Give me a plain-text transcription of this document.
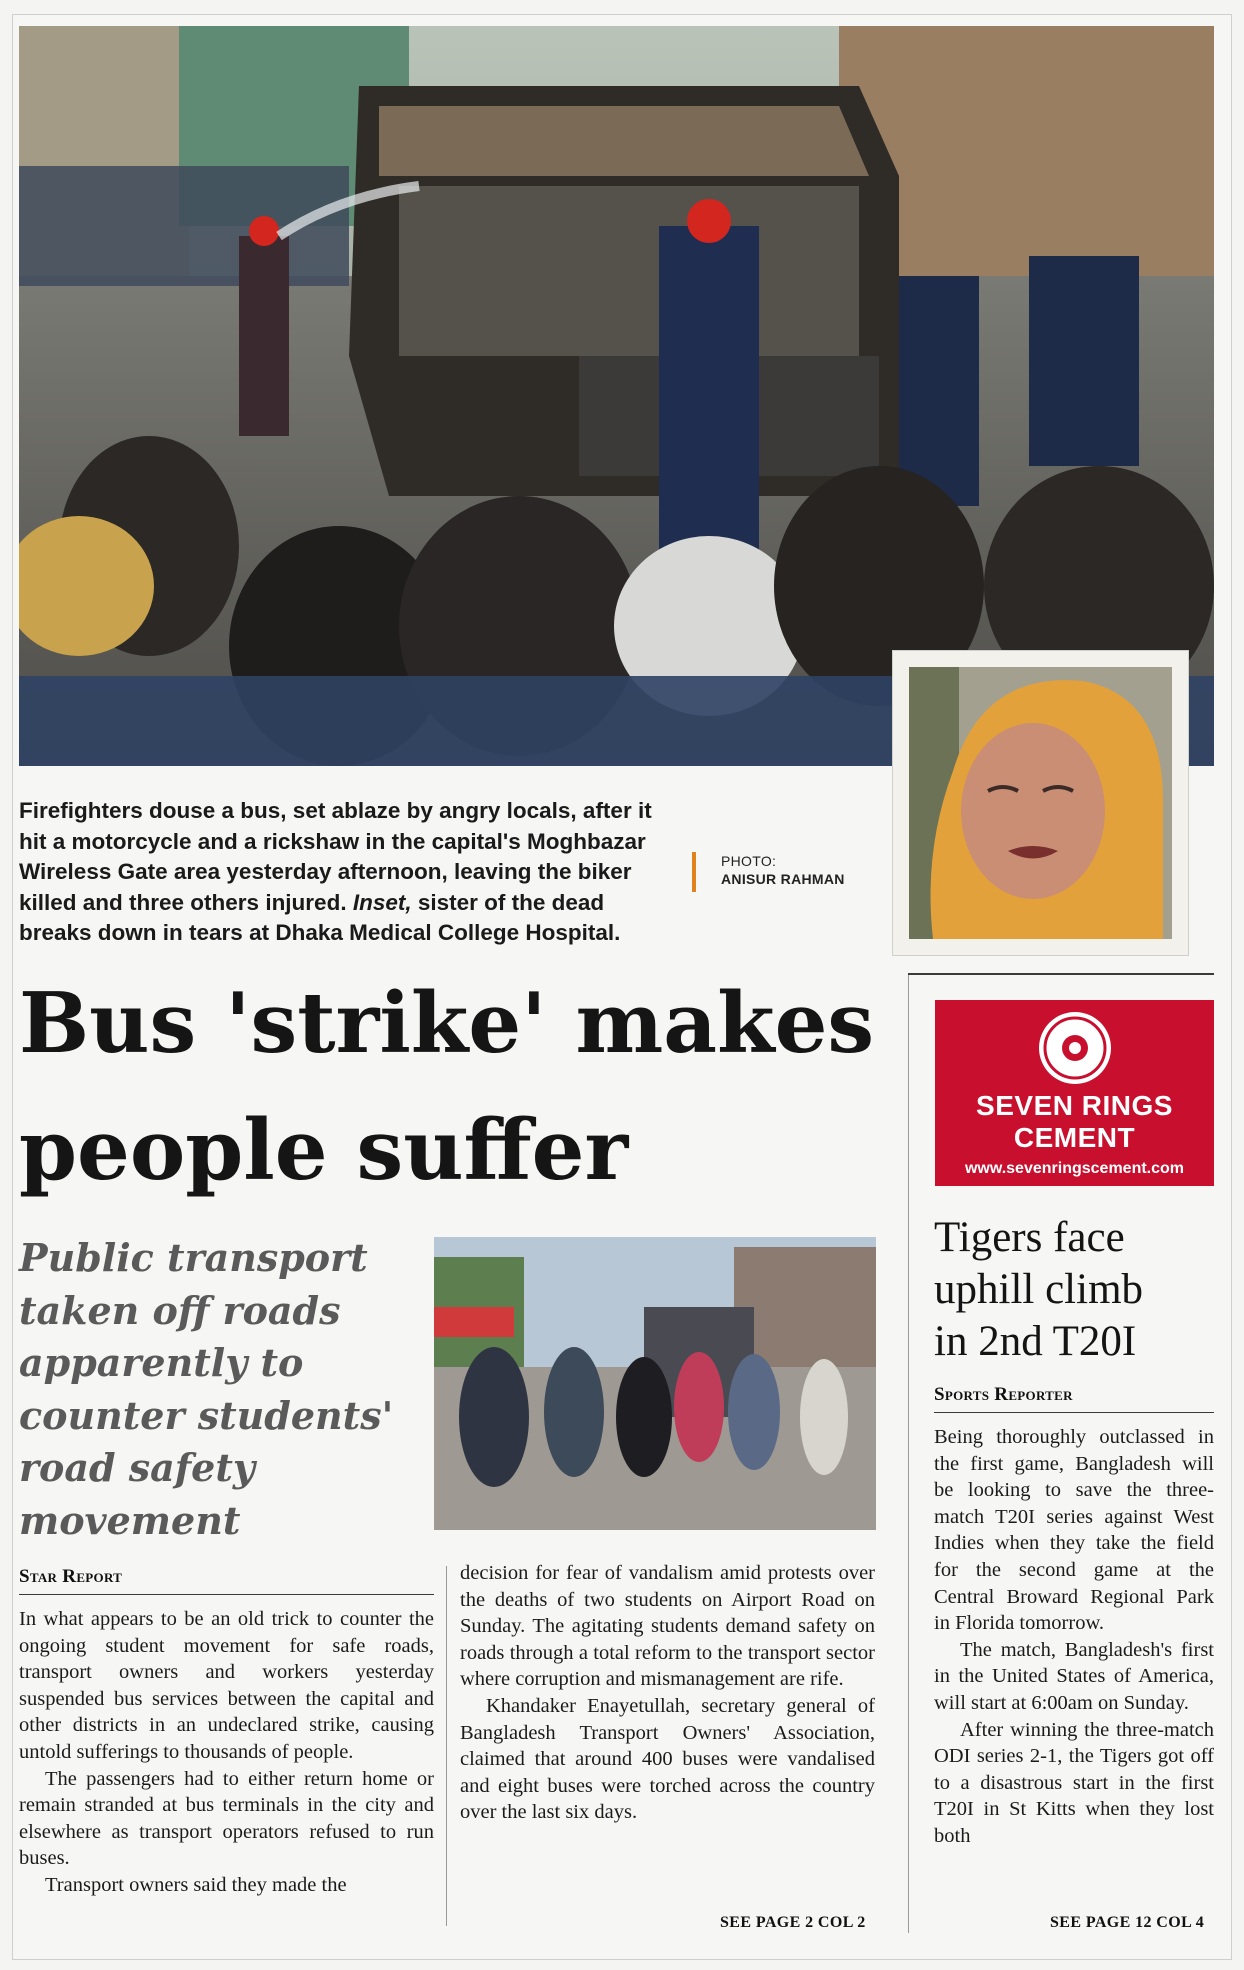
Firefighters douse a bus, set ablaze by angry locals, after it
hit a motorcycle and a rickshaw in the capital's Moghbazar
Wireless Gate area yesterday afternoon, leaving the biker
killed and three others injured. Inset, sister of the dead
breaks down in tears at Dhaka Medical College Hospital.
PHOTO:
ANISUR RAHMAN
Bus 'strike' makes
people suffer
Public transport
taken off roads
apparently to
counter students'
road safety
movement
Star Report

In what appears to be an old trick to counter the ongoing student movement for safe roads, transport owners and workers yesterday suspended bus services between the capital and other districts in an undeclared strike, causing untold sufferings to thousands of people.

The passengers had to either return home or remain stranded at bus terminals in the city and elsewhere as transport operators refused to run buses.

Transport owners said they made the

decision for fear of vandalism amid protests over the deaths of two students on Airport Road on Sunday. The agitating students demand safety on roads through a total reform to the transport sector where corruption and mismanagement are rife.

Khandaker Enayetullah, secretary general of Bangladesh Transport Owners' Association, claimed that around 400 buses were vandalised and eight buses were torched across the country over the last six days.

SEE PAGE 2 COL 2
SEVEN RINGS
CEMENT
www.sevenringscement.com
Tigers face
uphill climb
in 2nd T20I
Sports Reporter

Being thoroughly outclassed in the first game, Bangladesh will be looking to save the three-match T20I series against West Indies when they take the field for the second game at the Central Broward Regional Park in Florida tomorrow.

The match, Bangladesh's first in the United States of America, will start at 6:00am on Sunday.

After winning the three-match ODI series 2-1, the Tigers got off to a disastrous start in the first T20I in St Kitts when they lost both

SEE PAGE 12 COL 4
